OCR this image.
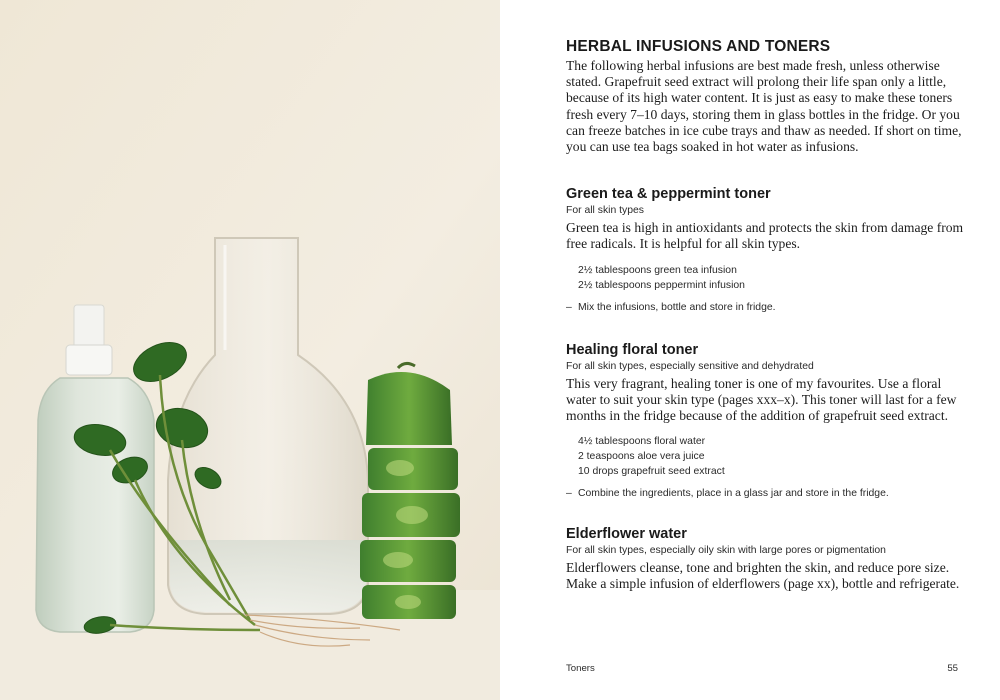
HERBAL INFUSIONS AND TONERS

The following herbal infusions are best made fresh, unless otherwise stated. Grapefruit seed extract will prolong their life span only a little, because of its high water content. It is just as easy to make these toners fresh every 7–10 days, storing them in glass bottles in the fridge. Or you can freeze batches in ice cube trays and thaw as needed. If short on time, you can use tea bags soaked in hot water as infusions.

Green tea & peppermint toner

For all skin types

Green tea is high in antioxidants and protects the skin from damage from free radicals. It is helpful for all skin types.

2½ tablespoons green tea infusion
2½ tablespoons peppermint infusion

– Mix the infusions, bottle and store in fridge.

Healing floral toner

For all skin types, especially sensitive and dehydrated

This very fragrant, healing toner is one of my favourites. Use a floral water to suit your skin type (pages xxx–x). This toner will last for a few months in the fridge because of the addition of grapefruit seed extract.

4½ tablespoons floral water
2 teaspoons aloe vera juice
10 drops grapefruit seed extract

– Combine the ingredients, place in a glass jar and store in the fridge.

Elderflower water

For all skin types, especially oily skin with large pores or pigmentation

Elderflowers cleanse, tone and brighten the skin, and reduce pore size. Make a simple infusion of elderflowers (page xx), bottle and refrigerate.

Toners	55
